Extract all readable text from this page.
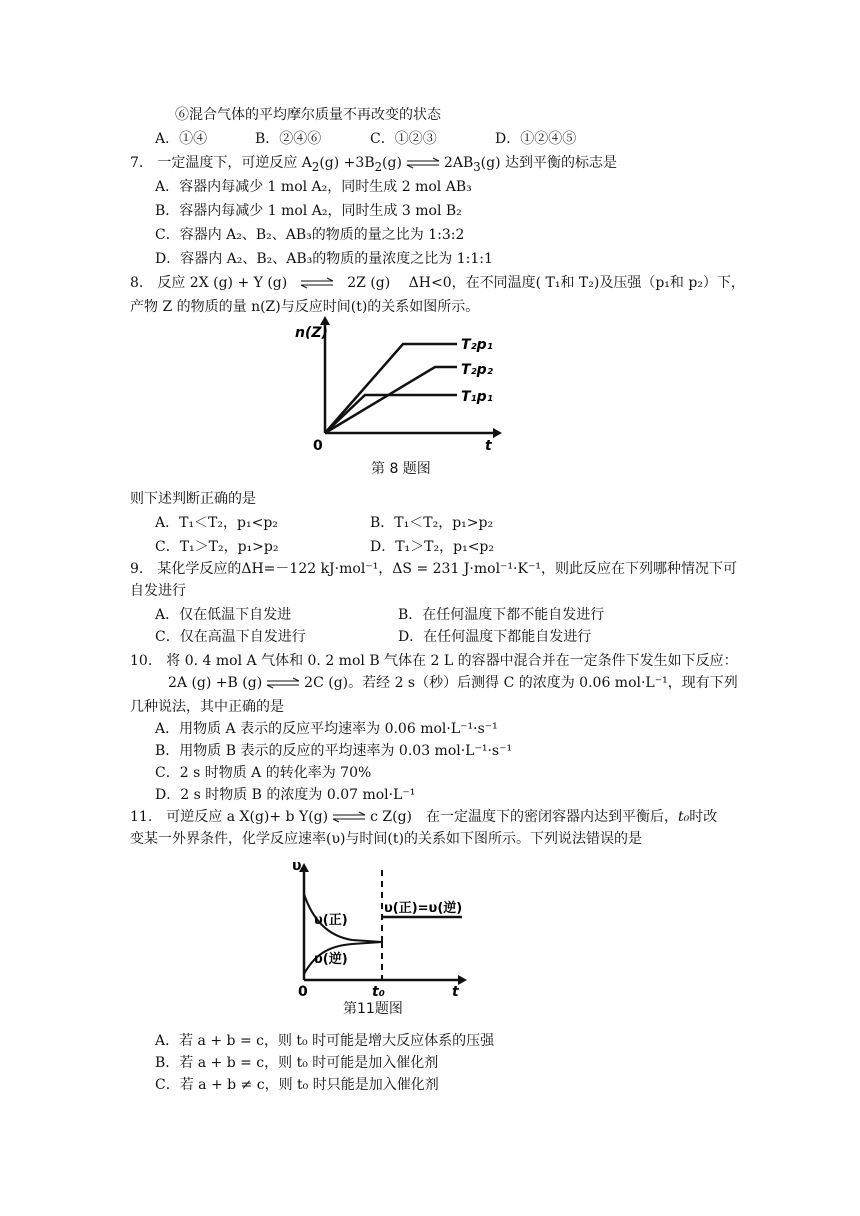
⑥混合气体的平均摩尔质量不再改变的状态
A．①④	B．②④⑥	C．①②③	D．①②④⑤
7.　一定温度下，可逆反应 $A_2(g) +3B_2(g)$ ⇌ $2AB_3(g)$ 达到平衡的标志是
A．容器内每减少 1 mol A₂，同时生成 2 mol AB₃
B．容器内每减少 1 mol A₂，同时生成 3 mol B₂
C．容器内 A₂、B₂、AB₃的物质的量之比为 1:3:2
D．容器内 A₂、B₂、AB₃的物质的量浓度之比为 1:1:1
8.　反应 2X (g) + Y (g) ⇌ 2Z (g)　 ΔH<0，在不同温度( T₁和 T₂)及压强（p₁和 p₂）下，
产物 Z 的物质的量 n(Z)与反应时间(t)的关系如图所示。
n(Z)
t
0
T₂p₁
T₂p₂
T₁p₁
第 8 题图
则下述判断正确的是
A．T₁＜T₂，p₁<p₂	B．T₁＜T₂，p₁>p₂
C．T₁＞T₂，p₁>p₂	D．T₁＞T₂，p₁<p₂
9.　某化学反应的ΔH=－122 kJ·mol⁻¹，ΔS = 231 J·mol⁻¹·K⁻¹，则此反应在下列哪种情况下可
自发进行
A．仅在低温下自发进	B．在任何温度下都不能自发进行
C．仅在高温下自发进行	D．在任何温度下都能自发进行
10.　将 0. 4 mol A 气体和 0. 2 mol B 气体在 2 L 的容器中混合并在一定条件下发生如下反应：
2A (g) +B (g) ⇌ 2C (g)。若经 2 s（秒）后测得 C 的浓度为 0.06 mol·L⁻¹，现有下列
几种说法，其中正确的是
A．用物质 A 表示的反应平均速率为 0.06 mol·L⁻¹·s⁻¹
B．用物质 B 表示的反应的平均速率为 0.03 mol·L⁻¹·s⁻¹
C．2 s 时物质 A 的转化率为 70%
D．2 s 时物质 B 的浓度为 0.07 mol·L⁻¹
11.　可逆反应 a X(g)+ b Y(g) ⇌ c Z(g)　在一定温度下的密闭容器内达到平衡后，t₀时改
变某一外界条件，化学反应速率(υ)与时间(t)的关系如下图所示。下列说法错误的是
υ
t
0	t₀
υ(正)
υ(逆)
υ(正)=υ(逆)
第11题图
A．若 a + b = c，则 t₀ 时可能是增大反应体系的压强
B．若 a + b = c，则 t₀ 时可能是加入催化剂
C．若 a + b ≠ c，则 t₀ 时只能是加入催化剂
